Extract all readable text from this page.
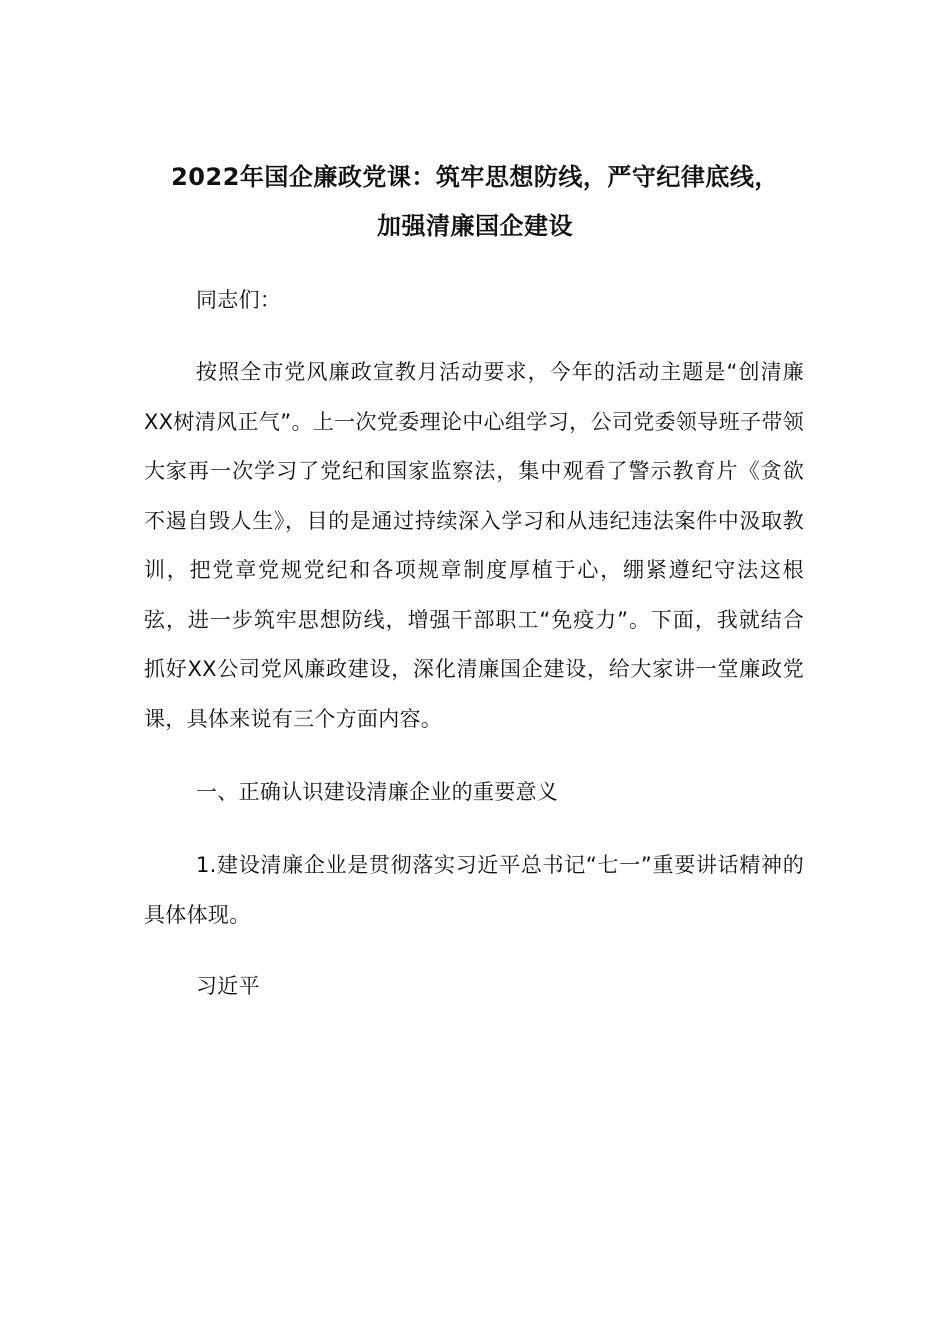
2022年国企廉政党课：筑牢思想防线，严守纪律底线，
加强清廉国企建设
同志们：
按照全市党风廉政宣教月活动要求，今年的活动主题是“创清廉XX树清风正气”。上一次党委理论中心组学习，公司党委领导班子带领大家再一次学习了党纪和国家监察法，集中观看了警示教育片《贪欲不遏自毁人生》，目的是通过持续深入学习和从违纪违法案件中汲取教训，把党章党规党纪和各项规章制度厚植于心，绷紧遵纪守法这根弦，进一步筑牢思想防线，增强干部职工“免疫力”。下面，我就结合抓好XX公司党风廉政建设，深化清廉国企建设，给大家讲一堂廉政党课，具体来说有三个方面内容。
一、正确认识建设清廉企业的重要意义
1.建设清廉企业是贯彻落实习近平总书记“七一”重要讲话精神的具体体现。
习近平
